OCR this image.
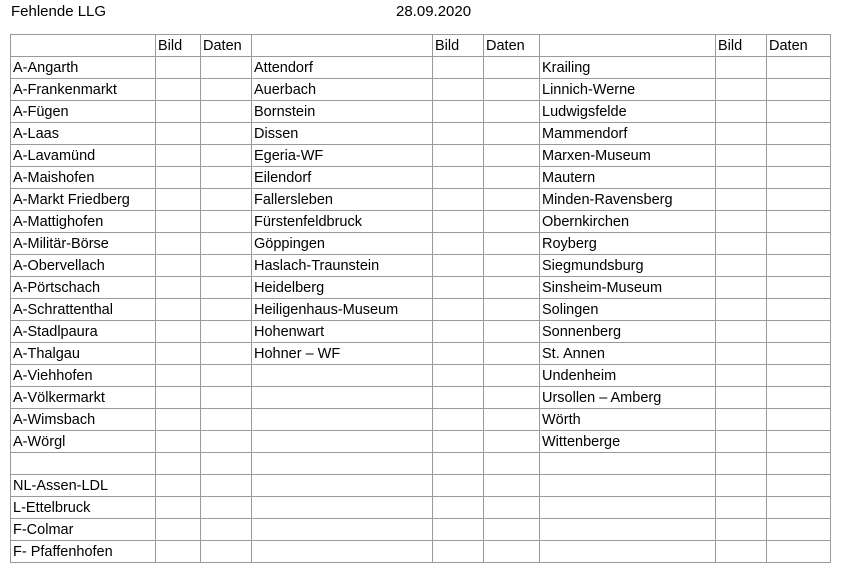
Fehlende LLG	28.09.2020
	Bild	Daten		Bild	Daten		Bild	Daten
A-Angarth			Attendorf			Krailing		
A-Frankenmarkt			Auerbach			Linnich-Werne		
A-Fügen			Bornstein			Ludwigsfelde		
A-Laas			Dissen			Mammendorf		
A-Lavamünd			Egeria-WF			Marxen-Museum		
A-Maishofen			Eilendorf			Mautern		
A-Markt Friedberg			Fallersleben			Minden-Ravensberg		
A-Mattighofen			Fürstenfeldbruck			Obernkirchen		
A-Militär-Börse			Göppingen			Royberg		
A-Obervellach			Haslach-Traunstein			Siegmundsburg		
A-Pörtschach			Heidelberg			Sinsheim-Museum		
A-Schrattenthal			Heiligenhaus-Museum			Solingen		
A-Stadlpaura			Hohenwart			Sonnenberg		
A-Thalgau			Hohner – WF			St. Annen		
A-Viehhofen						Undenheim		
A-Völkermarkt						Ursollen – Amberg		
A-Wimsbach						Wörth		
A-Wörgl						Wittenberge		

NL-Assen-LDL								
L-Ettelbruck								
F-Colmar								
F- Pfaffenhofen								
